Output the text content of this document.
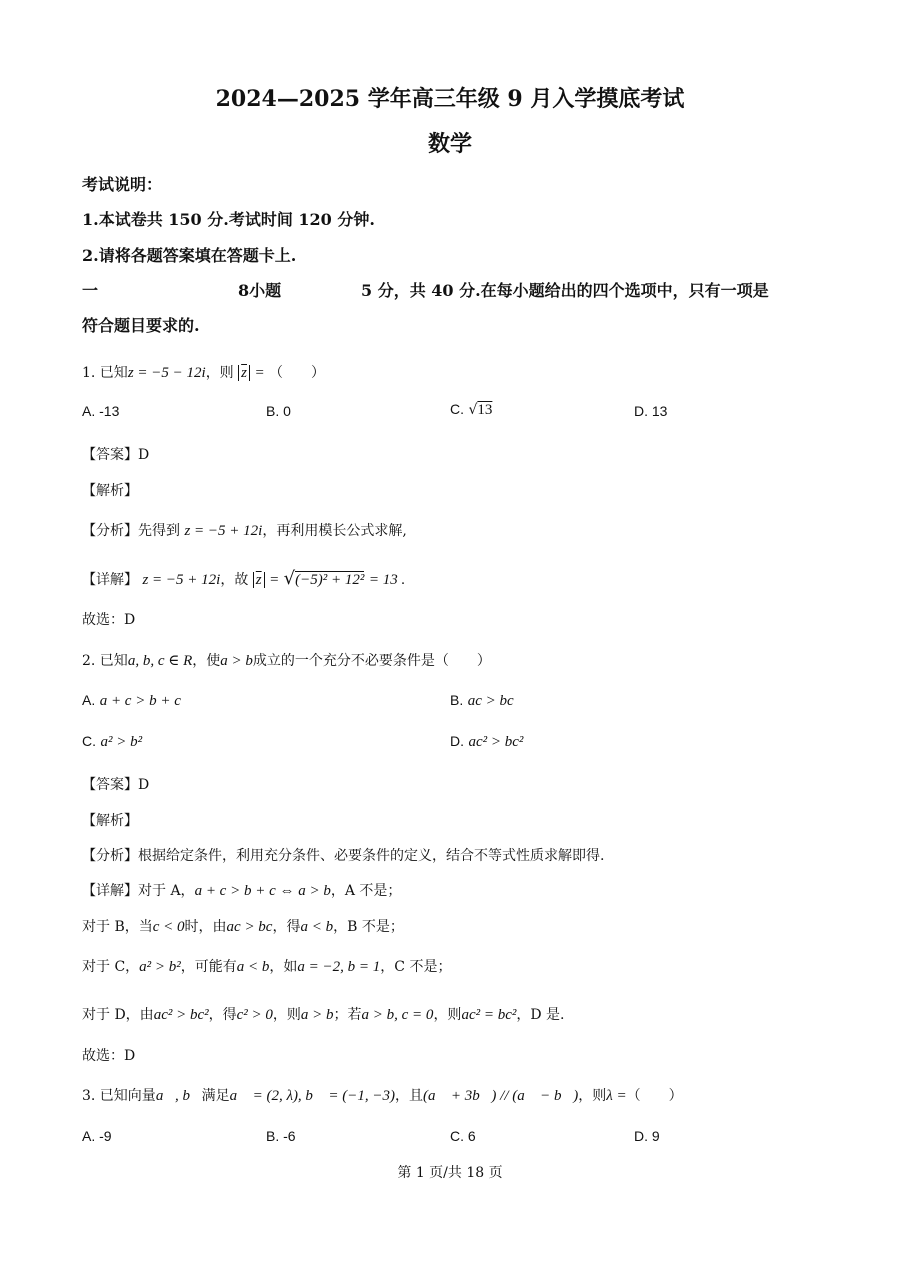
2024—2025 学年高三年级 9 月入学摸底考试
数学
考试说明：
1.本试卷共 150 分.考试时间 120 分钟.
2.请将各题答案填在答题卡上.
一	8小题	5 分，共 40 分.在每小题给出的四个选项中，只有一项是
符合题目要求的.
1. 已知z = −5 − 12i，则 $\overline{z}$ = （　　）
A. -13	B. 0	C. √13	D. 13
【答案】D
【解析】
【分析】先得到 z = −5 + 12i，再利用模长公式求解,
【详解】 z = −5 + 12i，故 $\overline{z} = √(-5)^2 + 12^2 = 13$ .
故选：D
2. 已知a, b, c ∈ R，使a > b成立的一个充分不必要条件是（　　）
A. a + c > b + c	B. ac > bc
C. a² > b²	D. ac² > bc²
【答案】D
【解析】
【分析】根据给定条件，利用充分条件、必要条件的定义，结合不等式性质求解即得.
【详解】对于 A，a + c > b + c ⇔ a > b，A 不是；
对于 B，当c < 0时，由ac > bc，得a < b，B 不是；
对于 C，a² > b²，可能有a < b，如a = −2, b = 1，C 不是；
对于 D，由ac² > bc²，得c² > 0，则a > b；若a > b, c = 0，则ac² = bc²，D 是.
故选：D
3. 已知向量a⃗, b⃗满足a⃗ = (2, λ), b⃗ = (−1, −3)，且(a⃗ + 3b⃗) // (a⃗ − b⃗)，则λ =（　　）
A. -9	B. -6	C. 6	D. 9
第 1 页/共 18 页
